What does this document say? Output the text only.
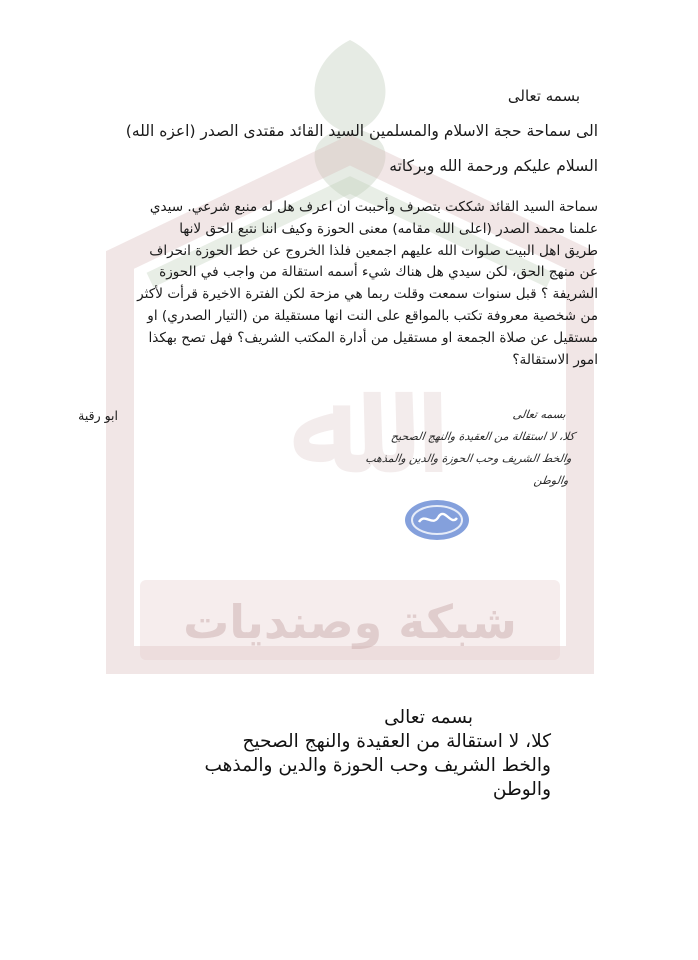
شبكة وصنديات
ﷲ
بسمه تعالى
الى سماحة حجة الاسلام والمسلمين السيد القائد مقتدى الصدر (اعزه الله)
السلام عليكم ورحمة الله وبركاته
سماحة السيد القائد شككت بتصرف وأحببت ان اعرف هل له منبع شرعي. سيدي
علمنا محمد الصدر (اعلى الله مقامه) معنى الحوزة وكيف اننا نتبع الحق لانها
طريق اهل البيت صلوات الله عليهم اجمعين فلذا الخروج عن خط الحوزة انحراف
عن منهج الحق، لكن سيدي هل هناك شيء أسمه استقالة من واجب في الحوزة
الشريفة ؟ قبل سنوات سمعت وقلت ربما هي مزحة لكن الفترة الاخيرة قرأت لأكثر
من شخصية معروفة تكتب بالمواقع على النت انها مستقيلة من (التيار الصدري) او
مستقيل عن صلاة الجمعة او مستقيل من أدارة المكتب الشريف؟ فهل تصح بهكذا
امور الاستقالة؟
ابو رقية	بسمه تعالى
كلا، لا استقالة من العقيدة والنهج الصحيح
والخط الشريف وحب الحوزة والدين والمذهب
والوطن
بسمه تعالى
كلا، لا استقالة من العقيدة والنهج الصحيح
والخط الشريف وحب الحوزة والدين والمذهب
والوطن
